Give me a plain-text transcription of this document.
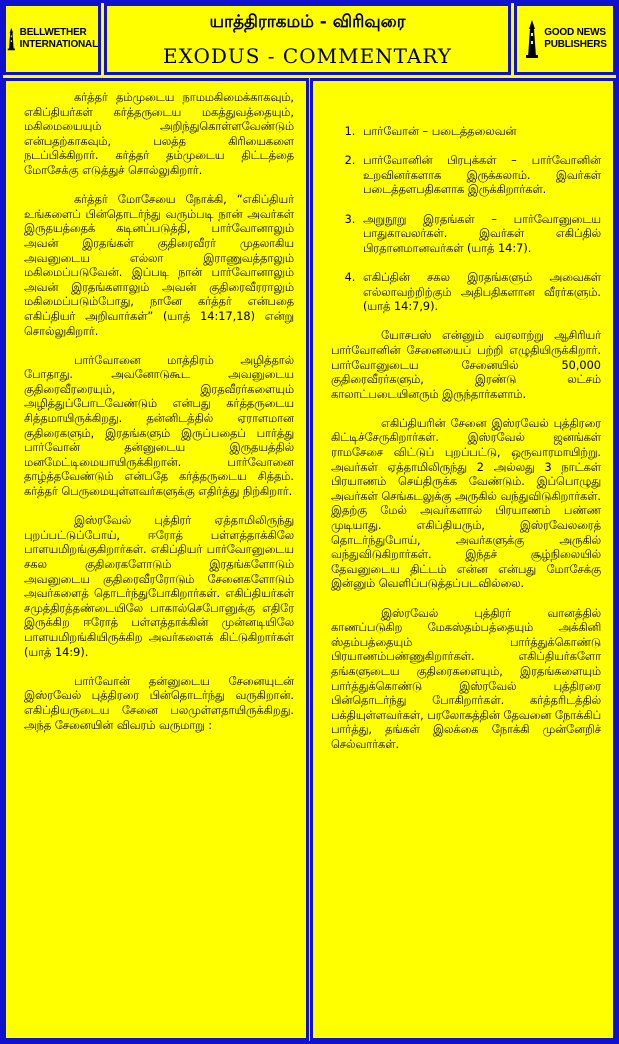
BELLWETHER
INTERNATIONAL
யாத்திராகமம் - விரிவுரை
EXODUS - COMMENTARY
GOOD NEWS
PUBLISHERS

கர்த்தர் தம்முடைய நாமமகிமைக்காகவும், எகிப்தியர்கள் கர்த்தருடைய மகத்துவத்தையும், மகிமையையும் அறிந்துகொள்ளவேண்டும் என்பதற்காகவும், பலத்த கிரியைகளை நடப்பிக்கிறார். கர்த்தர் தம்முடைய திட்டத்தை மோசேக்கு எடுத்துச் சொல்லுகிறார்.

கர்த்தர் மோசேயை நோக்கி, “எகிப்தியர் உங்களைப் பின்தொடர்ந்து வரும்படி நான் அவர்கள் இருதயத்தைக் கடினப்படுத்தி, பார்வோனாலும் அவன் இரதங்கள் குதிரைவீரர் முதலாகிய அவனுடைய எல்லா இராணுவத்தாலும் மகிமைப்படுவேன். இப்படி நான் பார்வோனாலும் அவன் இரதங்களாலும் அவன் குதிரைவீரராலும் மகிமைப்படும்போது, நானே கர்த்தர் என்பதை எகிப்தியர் அறிவார்கள்” (யாத் 14:17,18) என்று சொல்லுகிறார்.

பார்வோனை மாத்திரம் அழித்தால் போதாது. அவனோடுகூட அவனுடைய குதிரைவீரரையும், இரதவீரர்களையும் அழித்துப்போடவேண்டும் என்பது கர்த்தருடைய சித்தமாயிருக்கிறது. தன்னிடத்தில் ஏராளமான குதிரைகளும், இரதங்களும் இருப்பதைப் பார்த்து பார்வோன் தன்னுடைய இருதயத்தில் மனமேட்டிமையாயிருக்கிறான். பார்வோனை தாழ்த்தவேண்டும் என்பதே கர்த்தருடைய சித்தம். கர்த்தர் பெருமையுள்ளவர்களுக்கு எதிர்த்து நிற்கிறார்.

இஸ்ரவேல் புத்திரர் ஏத்தாமிலிருந்து புறப்பட்டுப்போய், ஈரோத் பள்ளத்தாக்கிலே பாளயமிறங்குகிறார்கள். எகிப்தியர் பார்வோனுடைய சகல குதிரைகளோடும் இரதங்களோடும் அவனுடைய குதிரைவீரரோடும் சேனைகளோடும் அவர்களைத் தொடர்ந்துபோகிறார்கள். எகிப்தியர்கள் சமுத்திரத்தண்டையிலே பாகால்செபோனுக்கு எதிரே இருக்கிற ஈரோத் பள்ளத்தாக்கின் முன்னடியிலே பாளயமிறங்கியிருக்கிற அவர்களைக் கிட்டுகிறார்கள் (யாத் 14:9).

பார்வோன் தன்னுடைய சேனையுடன் இஸ்ரவேல் புத்திரரை பின்தொடர்ந்து வருகிறான். எகிப்தியருடைய சேனை பலமுள்ளதாயிருக்கிறது. அந்த சேனையின் விவரம் வருமாறு :

1. பார்வோன் – படைத்தலைவன்
2. பார்வோனின் பிரபுக்கள் – பார்வோனின் உறவினர்களாக இருக்கலாம். இவர்கள் படைத்தளபதிகளாக இருக்கிறார்கள்.
3. அறுநூறு இரதங்கள் – பார்வோனுடைய பாதுகாவலர்கள். இவர்கள் எகிப்தில் பிரதானமானவர்கள் (யாத் 14:7).
4. எகிப்தின் சகல இரதங்களும் அவைகள் எல்லாவற்றிற்கும் அதிபதிகளான வீரர்களும். (யாத் 14:7,9).

யோசபஸ் என்னும் வரலாற்று ஆசிரியர் பார்வோனின் சேனையைப் பற்றி எழுதியிருக்கிறார். பார்வோனுடைய சேனையில் 50,000 குதிரைவீரர்களும், இரண்டு லட்சம் காலாட்படையினரும் இருந்தார்களாம்.

எகிப்தியரின் சேனை இஸ்ரவேல் புத்திரரை கிட்டிச்சேருகிறார்கள். இஸ்ரவேல் ஜனங்கள் ராமசேசை விட்டுப் புறப்பட்டு, ஒருவாரமாயிற்று. அவர்கள் ஏத்தாமிலிருந்து 2 அல்லது 3 நாட்கள் பிரயாணம் செய்திருக்க வேண்டும். இப்பொழுது அவர்கள் செங்கடலுக்கு அருகில் வந்துவிடுகிறார்கள். இதற்கு மேல் அவர்களால் பிரயாணம் பண்ண முடியாது. எகிப்தியரும், இஸ்ரவேலரைத் தொடர்ந்துபோய், அவர்களுக்கு அருகில் வந்துவிடுகிறார்கள். இந்தச் சூழ்நிலையில் தேவனுடைய திட்டம் என்ன என்பது மோசேக்கு இன்னும் வெளிப்படுத்தப்படவில்லை.

இஸ்ரவேல் புத்திரர் வானத்தில் காணப்படுகிற மேகஸ்தம்பத்தையும் அக்கினி ஸ்தம்பத்தையும் பார்த்துக்கொண்டு பிரயாணம்பண்ணுகிறார்கள். எகிப்தியர்களோ தங்களுடைய குதிரைகளையும், இரதங்களையும் பார்த்துக்கொண்டு இஸ்ரவேல் புத்திரரை பின்தொடர்ந்து போகிறார்கள். கர்த்தரிடத்தில் பக்தியுள்ளவர்கள், பரலோகத்தின் தேவனை நோக்கிப் பார்த்து, தங்கள் இலக்கை நோக்கி முன்னேறிச் செல்வார்கள்.
